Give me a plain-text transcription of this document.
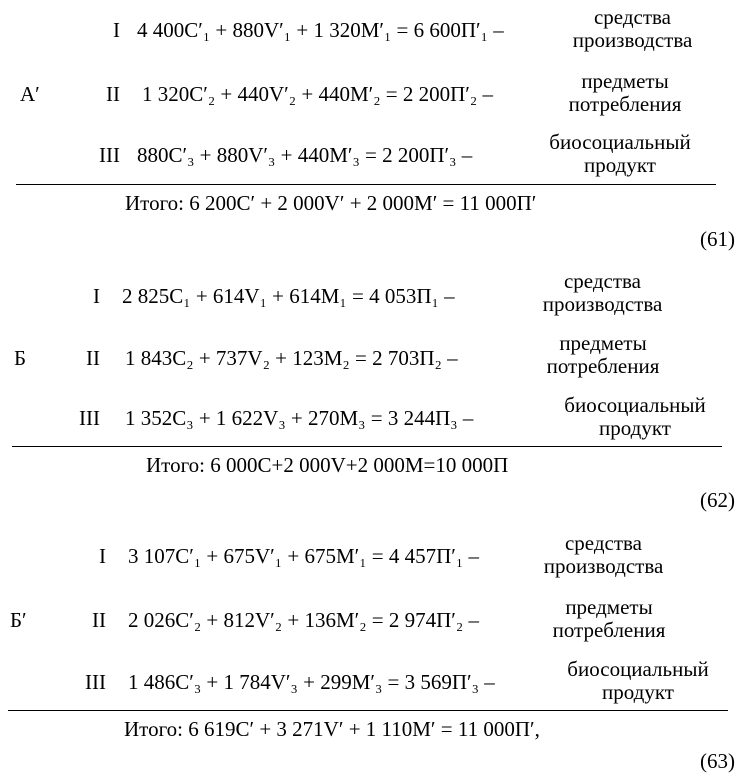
А′
I 4 400C′₁ + 880V′₁ + 1 320M′₁ = 6 600П′₁ –
средства
производства
II 1 320C′₂ + 440V′₂ + 440M′₂ = 2 200П′₂ –
предметы
потребления
III 880C′₃ + 880V′₃ + 440M′₃ = 2 200П′₃ –
биосоциальный
продукт
Итого: 6 200C′ + 2 000V′ + 2 000M′ = 11 000П′
(61)
Б
I 2 825C₁ + 614V₁ + 614M₁ = 4 053П₁ –
средства
производства
II 1 843C₂ + 737V₂ + 123M₂ = 2 703П₂ –
предметы
потребления
III 1 352C₃ + 1 622V₃ + 270M₃ = 3 244П₃ –
биосоциальный
продукт
Итого: 6 000C+2 000V+2 000M=10 000П
(62)
Б′
I 3 107C′₁ + 675V′₁ + 675M′₁ = 4 457П′₁ –
средства
производства
II 2 026C′₂ + 812V′₂ + 136M′₂ = 2 974П′₂ –
предметы
потребления
III 1 486C′₃ + 1 784V′₃ + 299M′₃ = 3 569П′₃ –
биосоциальный
продукт
Итого: 6 619C′ + 3 271V′ + 1 110M′ = 11 000П′,
(63)
